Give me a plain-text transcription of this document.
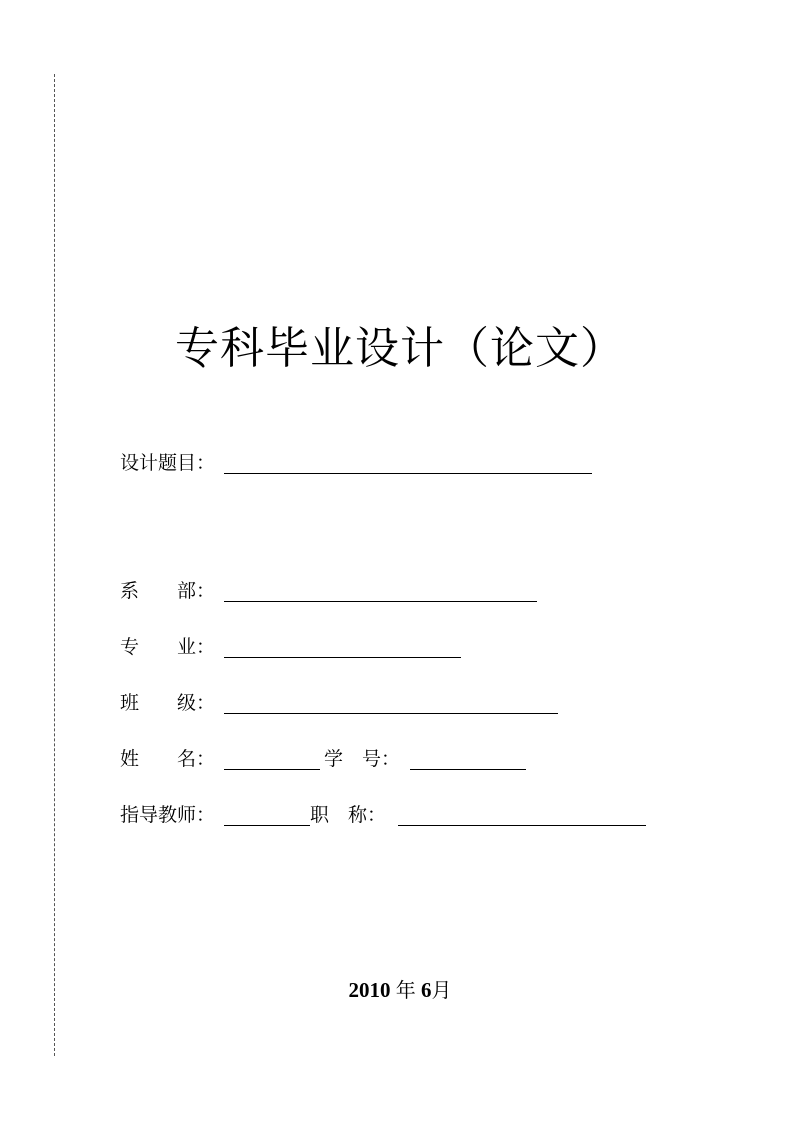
专科毕业设计（论文）
设计题目：
系　　部：
专　　业：
班　　级：
姓　　名：	学　号：
指导教师：	职　称：
2010 年 6月
